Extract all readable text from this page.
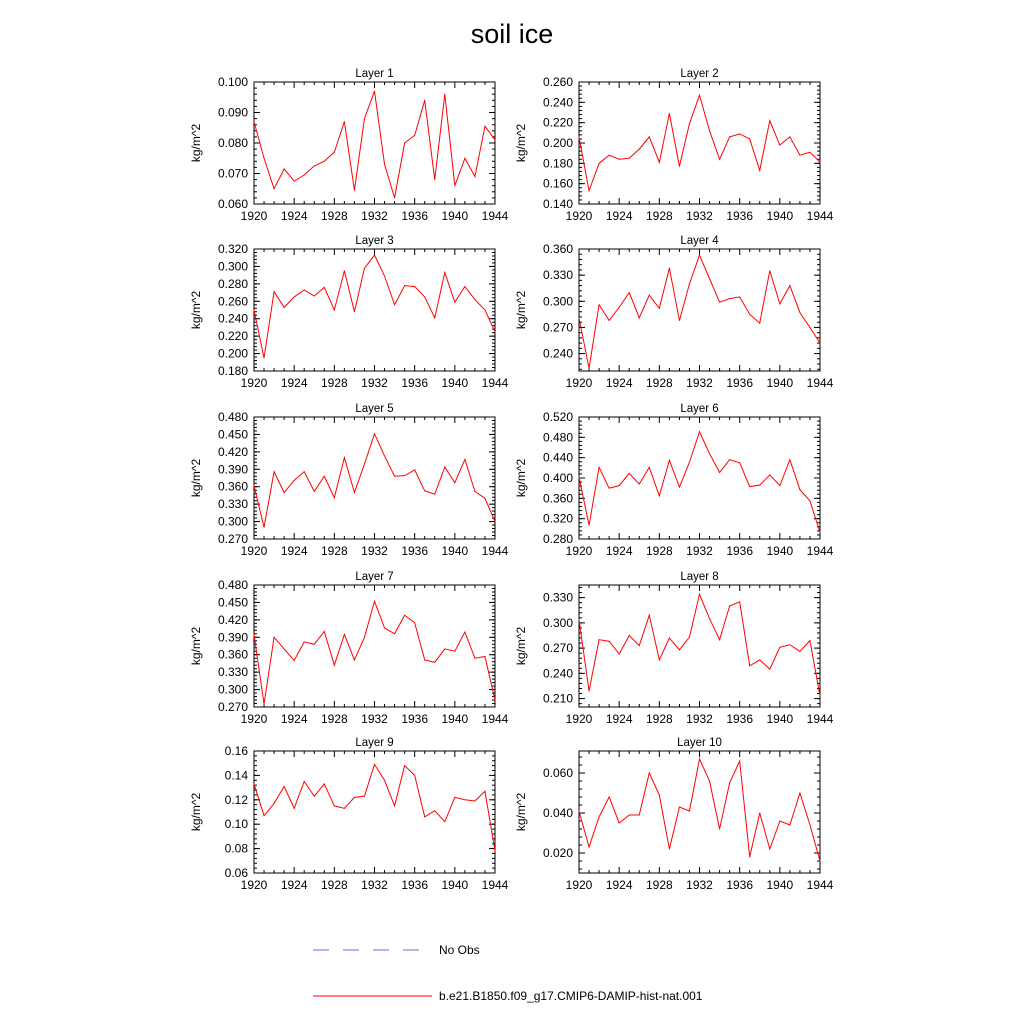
soil ice
Layer 1
kg/m^2
1920 1924 1928 1932 1936 1940 1944
0.060
0.070
0.080
0.090
0.100
Layer 2
kg/m^2
1920 1924 1928 1932 1936 1940 1944
0.140
0.160
0.180
0.200
0.220
0.240
0.260
Layer 3
kg/m^2
1920 1924 1928 1932 1936 1940 1944
0.180
0.200
0.220
0.240
0.260
0.280
0.300
0.320
Layer 4
kg/m^2
1920 1924 1928 1932 1936 1940 1944
0.240
0.270
0.300
0.330
0.360
Layer 5
kg/m^2
1920 1924 1928 1932 1936 1940 1944
0.270
0.300
0.330
0.360
0.390
0.420
0.450
0.480
Layer 6
kg/m^2
1920 1924 1928 1932 1936 1940 1944
0.280
0.320
0.360
0.400
0.440
0.480
0.520
Layer 7
kg/m^2
1920 1924 1928 1932 1936 1940 1944
0.270
0.300
0.330
0.360
0.390
0.420
0.450
0.480
Layer 8
kg/m^2
1920 1924 1928 1932 1936 1940 1944
0.210
0.240
0.270
0.300
0.330
Layer 9
kg/m^2
1920 1924 1928 1932 1936 1940 1944
0.06
0.08
0.10
0.12
0.14
0.16
Layer 10
kg/m^2
1920 1924 1928 1932 1936 1940 1944
0.020
0.040
0.060
No Obs
b.e21.B1850.f09_g17.CMIP6-DAMIP-hist-nat.001
